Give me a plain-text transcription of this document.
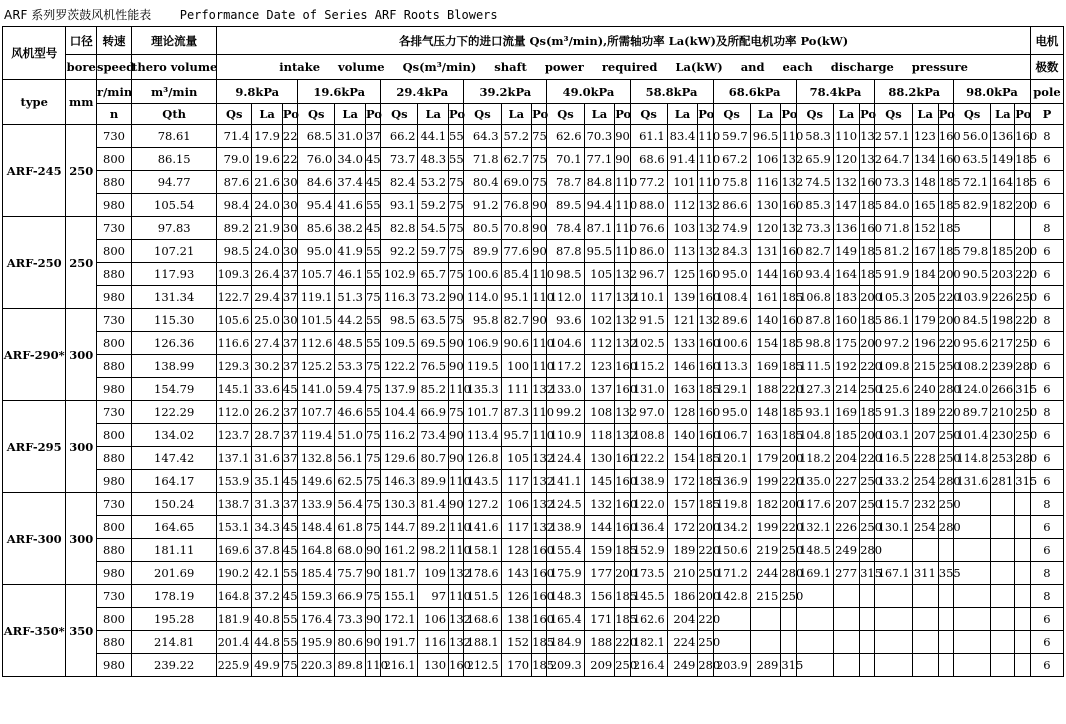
ARF 系列罗茨鼓风机性能表 Performance Date of Series ARF Roots Blowers
风机型号	口径	转速	理论流量	各排气压力下的进口流量 Qs(m³/min),所需轴功率 La(kW)及所配电机功率 Po(kW)																														电机
	bore	speed	thero volume	intake volume Qs(m³/min) shaft power required La(kW) and each discharge pressure																														极数
type	mm	r/min	m³/min	9.8kPa			19.6kPa			29.4kPa			39.2kPa			49.0kPa			58.8kPa			68.6kPa			78.4kPa			88.2kPa			98.0kPa			pole
		n	Qth	Qs	La	Po	Qs	La	Po	Qs	La	Po	Qs	La	Po	Qs	La	Po	Qs	La	Po	Qs	La	Po	Qs	La	Po	Qs	La	Po	Qs	La	Po	P
ARF-245	250	730	78.61	71.4	17.9	22	68.5	31.0	37	66.2	44.1	55	64.3	57.2	75	62.6	70.3	90	61.1	83.4	110	59.7	96.5	110	58.3	110	132	57.1	123	160	56.0	136	160	8
		800	86.15	79.0	19.6	22	76.0	34.0	45	73.7	48.3	55	71.8	62.7	75	70.1	77.1	90	68.6	91.4	110	67.2	106	132	65.9	120	132	64.7	134	160	63.5	149	185	6
		880	94.77	87.6	21.6	30	84.6	37.4	45	82.4	53.2	75	80.4	69.0	75	78.7	84.8	110	77.2	101	110	75.8	116	132	74.5	132	160	73.3	148	185	72.1	164	185	6
		980	105.54	98.4	24.0	30	95.4	41.6	55	93.1	59.2	75	91.2	76.8	90	89.5	94.4	110	88.0	112	132	86.6	130	160	85.3	147	185	84.0	165	185	82.9	182	200	6
ARF-250	250	730	97.83	89.2	21.9	30	85.6	38.2	45	82.8	54.5	75	80.5	70.8	90	78.4	87.1	110	76.6	103	132	74.9	120	132	73.3	136	160	71.8	152	185				8
		800	107.21	98.5	24.0	30	95.0	41.9	55	92.2	59.7	75	89.9	77.6	90	87.8	95.5	110	86.0	113	132	84.3	131	160	82.7	149	185	81.2	167	185	79.8	185	200	6
		880	117.93	109.3	26.4	37	105.7	46.1	55	102.9	65.7	75	100.6	85.4	110	98.5	105	132	96.7	125	160	95.0	144	160	93.4	164	185	91.9	184	200	90.5	203	220	6
		980	131.34	122.7	29.4	37	119.1	51.3	75	116.3	73.2	90	114.0	95.1	110	112.0	117	132	110.1	139	160	108.4	161	185	106.8	183	200	105.3	205	220	103.9	226	250	6
ARF-290*	300	730	115.30	105.6	25.0	30	101.5	44.2	55	98.5	63.5	75	95.8	82.7	90	93.6	102	132	91.5	121	132	89.6	140	160	87.8	160	185	86.1	179	200	84.5	198	220	8
		800	126.36	116.6	27.4	37	112.6	48.5	55	109.5	69.5	90	106.9	90.6	110	104.6	112	132	102.5	133	160	100.6	154	185	98.8	175	200	97.2	196	220	95.6	217	250	6
		880	138.99	129.3	30.2	37	125.2	53.3	75	122.2	76.5	90	119.5	100	110	117.2	123	160	115.2	146	160	113.3	169	185	111.5	192	220	109.8	215	250	108.2	239	280	6
		980	154.79	145.1	33.6	45	141.0	59.4	75	137.9	85.2	110	135.3	111	132	133.0	137	160	131.0	163	185	129.1	188	220	127.3	214	250	125.6	240	280	124.0	266	315	6
ARF-295	300	730	122.29	112.0	26.2	37	107.7	46.6	55	104.4	66.9	75	101.7	87.3	110	99.2	108	132	97.0	128	160	95.0	148	185	93.1	169	185	91.3	189	220	89.7	210	250	8
		800	134.02	123.7	28.7	37	119.4	51.0	75	116.2	73.4	90	113.4	95.7	110	110.9	118	132	108.8	140	160	106.7	163	185	104.8	185	200	103.1	207	250	101.4	230	250	6
		880	147.42	137.1	31.6	37	132.8	56.1	75	129.6	80.7	90	126.8	105	132	124.4	130	160	122.2	154	185	120.1	179	200	118.2	204	220	116.5	228	250	114.8	253	280	6
		980	164.17	153.9	35.1	45	149.6	62.5	75	146.3	89.9	110	143.5	117	132	141.1	145	160	138.9	172	185	136.9	199	220	135.0	227	250	133.2	254	280	131.6	281	315	6
ARF-300	300	730	150.24	138.7	31.3	37	133.9	56.4	75	130.3	81.4	90	127.2	106	132	124.5	132	160	122.0	157	185	119.8	182	200	117.6	207	250	115.7	232	250				8
		800	164.65	153.1	34.3	45	148.4	61.8	75	144.7	89.2	110	141.6	117	132	138.9	144	160	136.4	172	200	134.2	199	220	132.1	226	250	130.1	254	280				6
		880	181.11	169.6	37.8	45	164.8	68.0	90	161.2	98.2	110	158.1	128	160	155.4	159	185	152.9	189	220	150.6	219	250	148.5	249	280							6
		980	201.69	190.2	42.1	55	185.4	75.7	90	181.7	109	132	178.6	143	160	175.9	177	200	173.5	210	250	171.2	244	280	169.1	277	315	167.1	311	355				8
ARF-350*	350	730	178.19	164.8	37.2	45	159.3	66.9	75	155.1	97	110	151.5	126	160	148.3	156	185	145.5	186	200	142.8	215	250										8
		800	195.28	181.9	40.8	55	176.4	73.3	90	172.1	106	132	168.6	138	160	165.4	171	185	162.6	204	220													6
		880	214.81	201.4	44.8	55	195.9	80.6	90	191.7	116	132	188.1	152	185	184.9	188	220	182.1	224	250													6
		980	239.22	225.9	49.9	75	220.3	89.8	110	216.1	130	160	212.5	170	185	209.3	209	250	216.4	249	280	203.9	289	315										6
